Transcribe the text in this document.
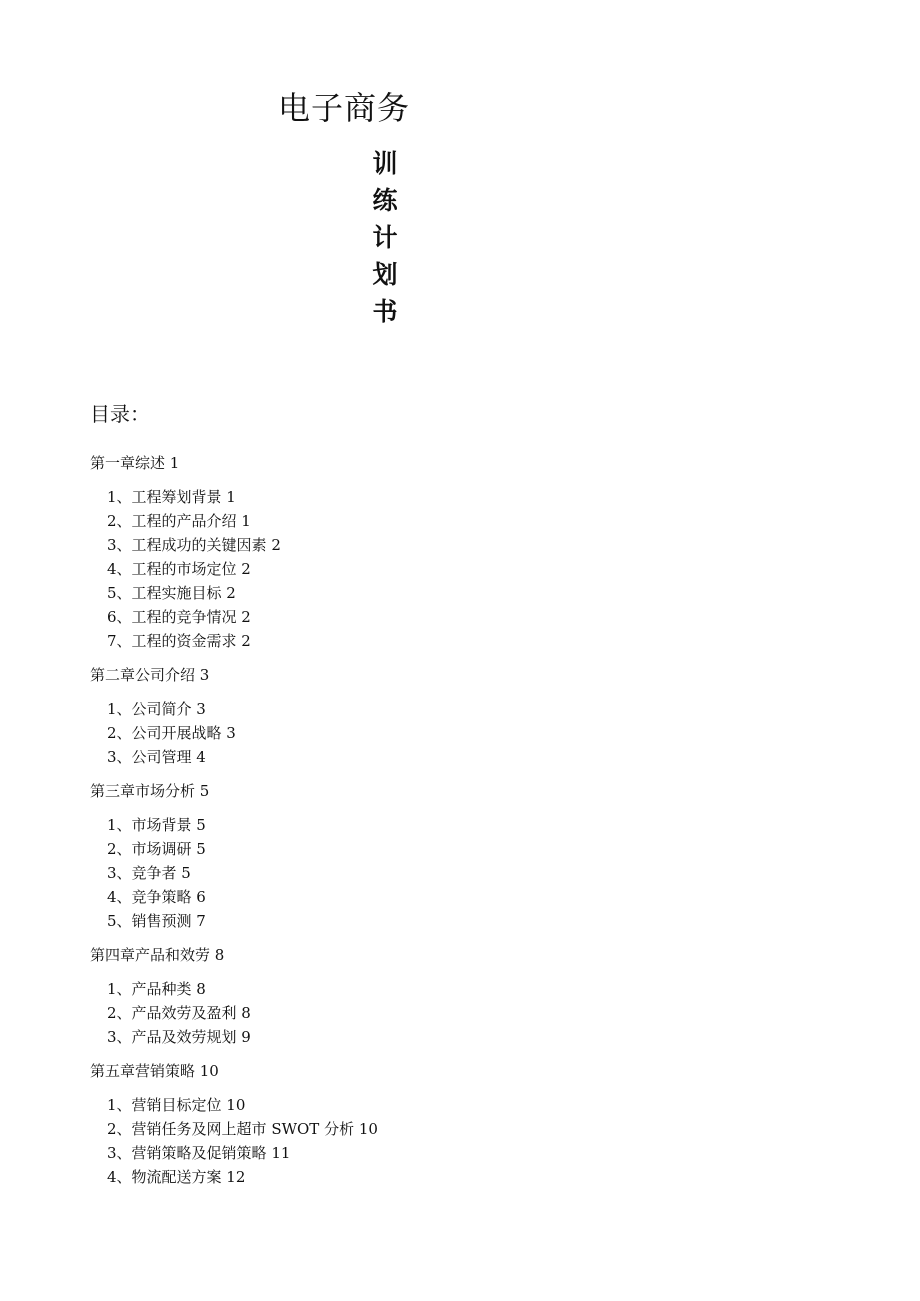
电子商务
训练计划书
目录：
第一章综述 1
1、工程筹划背景 1
2、工程的产品介绍 1
3、工程成功的关键因素 2
4、工程的市场定位 2
5、工程实施目标 2
6、工程的竞争情况 2
7、工程的资金需求 2
第二章公司介绍 3
1、公司简介 3
2、公司开展战略 3
3、公司管理 4
第三章市场分析 5
1、市场背景 5
2、市场调研 5
3、竞争者 5
4、竞争策略 6
5、销售预测 7
第四章产品和效劳 8
1、产品种类 8
2、产品效劳及盈利 8
3、产品及效劳规划 9
第五章营销策略 10
1、营销目标定位 10
2、营销任务及网上超市 SWOT 分析 10
3、营销策略及促销策略 11
4、物流配送方案 12
